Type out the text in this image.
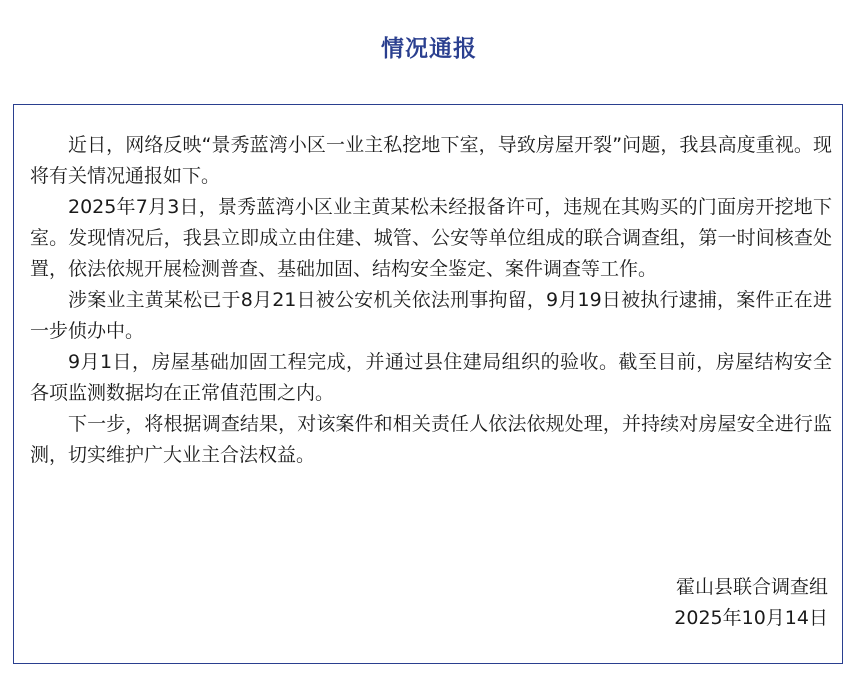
情况通报

近日，网络反映“景秀蓝湾小区一业主私挖地下室，导致房屋开裂”问题，我县高度重视。现将有关情况通报如下。

2025年7月3日，景秀蓝湾小区业主黄某松未经报备许可，违规在其购买的门面房开挖地下室。发现情况后，我县立即成立由住建、城管、公安等单位组成的联合调查组，第一时间核查处置，依法依规开展检测普查、基础加固、结构安全鉴定、案件调查等工作。

涉案业主黄某松已于8月21日被公安机关依法刑事拘留，9月19日被执行逮捕，案件正在进一步侦办中。

9月1日，房屋基础加固工程完成，并通过县住建局组织的验收。截至目前，房屋结构安全各项监测数据均在正常值范围之内。

下一步，将根据调查结果，对该案件和相关责任人依法依规处理，并持续对房屋安全进行监测，切实维护广大业主合法权益。

霍山县联合调查组
2025年10月14日
